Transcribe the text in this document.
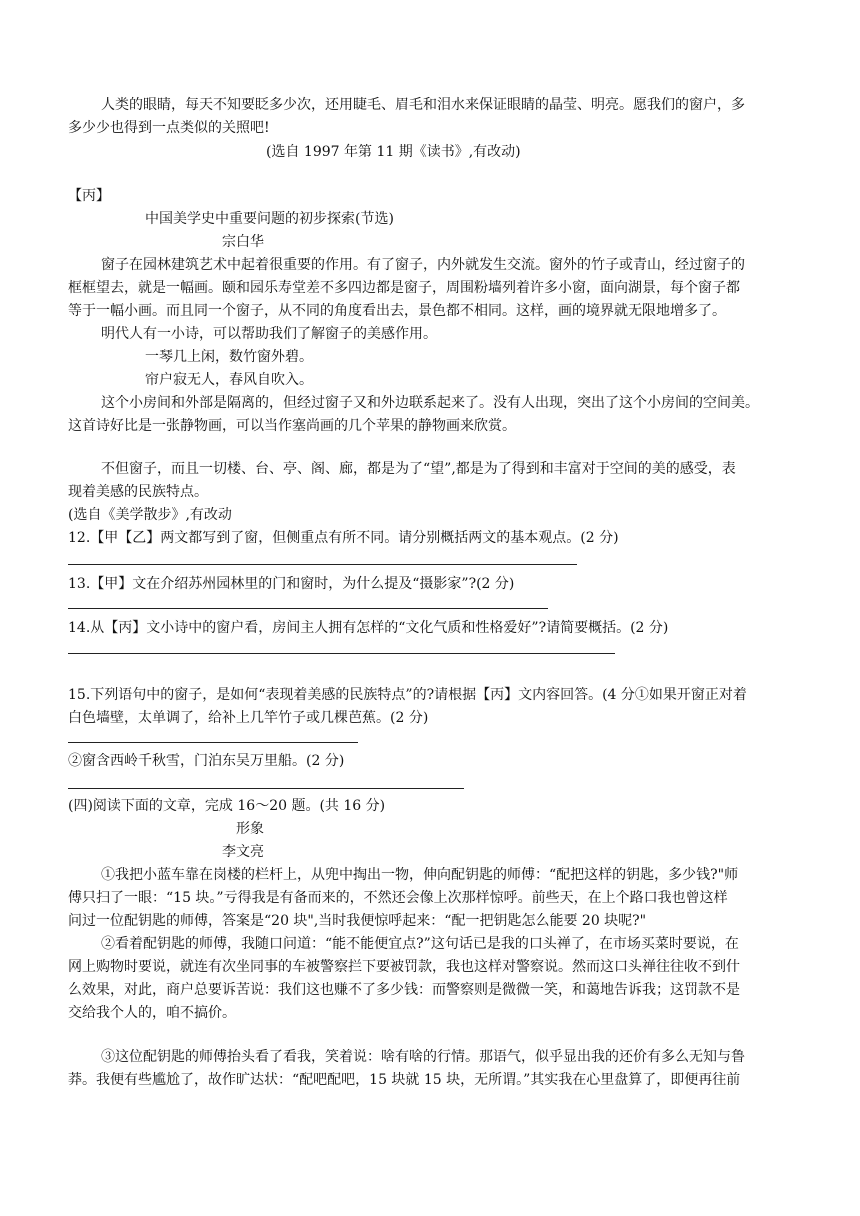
人类的眼睛，每天不知要眨多少次，还用睫毛、眉毛和泪水来保证眼睛的晶莹、明亮。愿我们的窗户，多
多少少也得到一点类似的关照吧!
(选自 1997 年第 11 期《读书》,有改动)
【丙】
中国美学史中重要问题的初步探索(节选)
宗白华
窗子在园林建筑艺术中起着很重要的作用。有了窗子，内外就发生交流。窗外的竹子或青山，经过窗子的
框框望去，就是一幅画。颐和园乐寿堂差不多四边都是窗子，周围粉墙列着许多小窗，面向湖景，每个窗子都
等于一幅小画。而且同一个窗子，从不同的角度看出去，景色都不相同。这样，画的境界就无限地增多了。
明代人有一小诗，可以帮助我们了解窗子的美感作用。
一琴几上闲，数竹窗外碧。
帘户寂无人，春风自吹入。
这个小房间和外部是隔离的，但经过窗子又和外边联系起来了。没有人出现，突出了这个小房间的空间美。
这首诗好比是一张静物画，可以当作塞尚画的几个苹果的静物画来欣赏。
不但窗子，而且一切楼、台、亭、阁、廊，都是为了“望”,都是为了得到和丰富对于空间的美的感受，表
现着美感的民族特点。
(选自《美学散步》,有改动
12.【甲【乙】两文都写到了窗，但侧重点有所不同。请分别概括两文的基本观点。(2 分)
13.【甲】文在介绍苏州园林里的门和窗时，为什么提及“摄影家”?(2 分)
14.从【丙】文小诗中的窗户看，房间主人拥有怎样的“文化气质和性格爱好”?请简要概括。(2 分)
15.下列语句中的窗子，是如何“表现着美感的民族特点”的?请根据【丙】文内容回答。(4 分①如果开窗正对着
白色墙壁，太单调了，给补上几竿竹子或几棵芭蕉。(2 分)
②窗含西岭千秋雪，门泊东吴万里船。(2 分)
(四)阅读下面的文章，完成 16～20 题。(共 16 分)
形象
李文亮
①我把小蓝车靠在岗楼的栏杆上，从兜中掏出一物，伸向配钥匙的师傅：“配把这样的钥匙，多少钱?"师
傅只扫了一眼：“15 块。”亏得我是有备而来的，不然还会像上次那样惊呼。前些天，在上个路口我也曾这样
问过一位配钥匙的师傅，答案是“20 块",当时我便惊呼起来：“配一把钥匙怎么能要 20 块呢?"
②看着配钥匙的师傅，我随口问道：“能不能便宜点?”这句话已是我的口头禅了，在市场买菜时要说，在
网上购物时要说，就连有次坐同事的车被警察拦下要被罚款，我也这样对警察说。然而这口头禅往往收不到什
么效果，对此，商户总要诉苦说：我们这也赚不了多少钱：而警察则是微微一笑，和蔼地告诉我；这罚款不是
交给我个人的，咱不搞价。
③这位配钥匙的师傅抬头看了看我，笑着说：啥有啥的行情。那语气，似乎显出我的还价有多么无知与鲁
莽。我便有些尴尬了，故作旷达状：“配吧配吧，15 块就 15 块，无所谓。”其实我在心里盘算了，即便再往前
